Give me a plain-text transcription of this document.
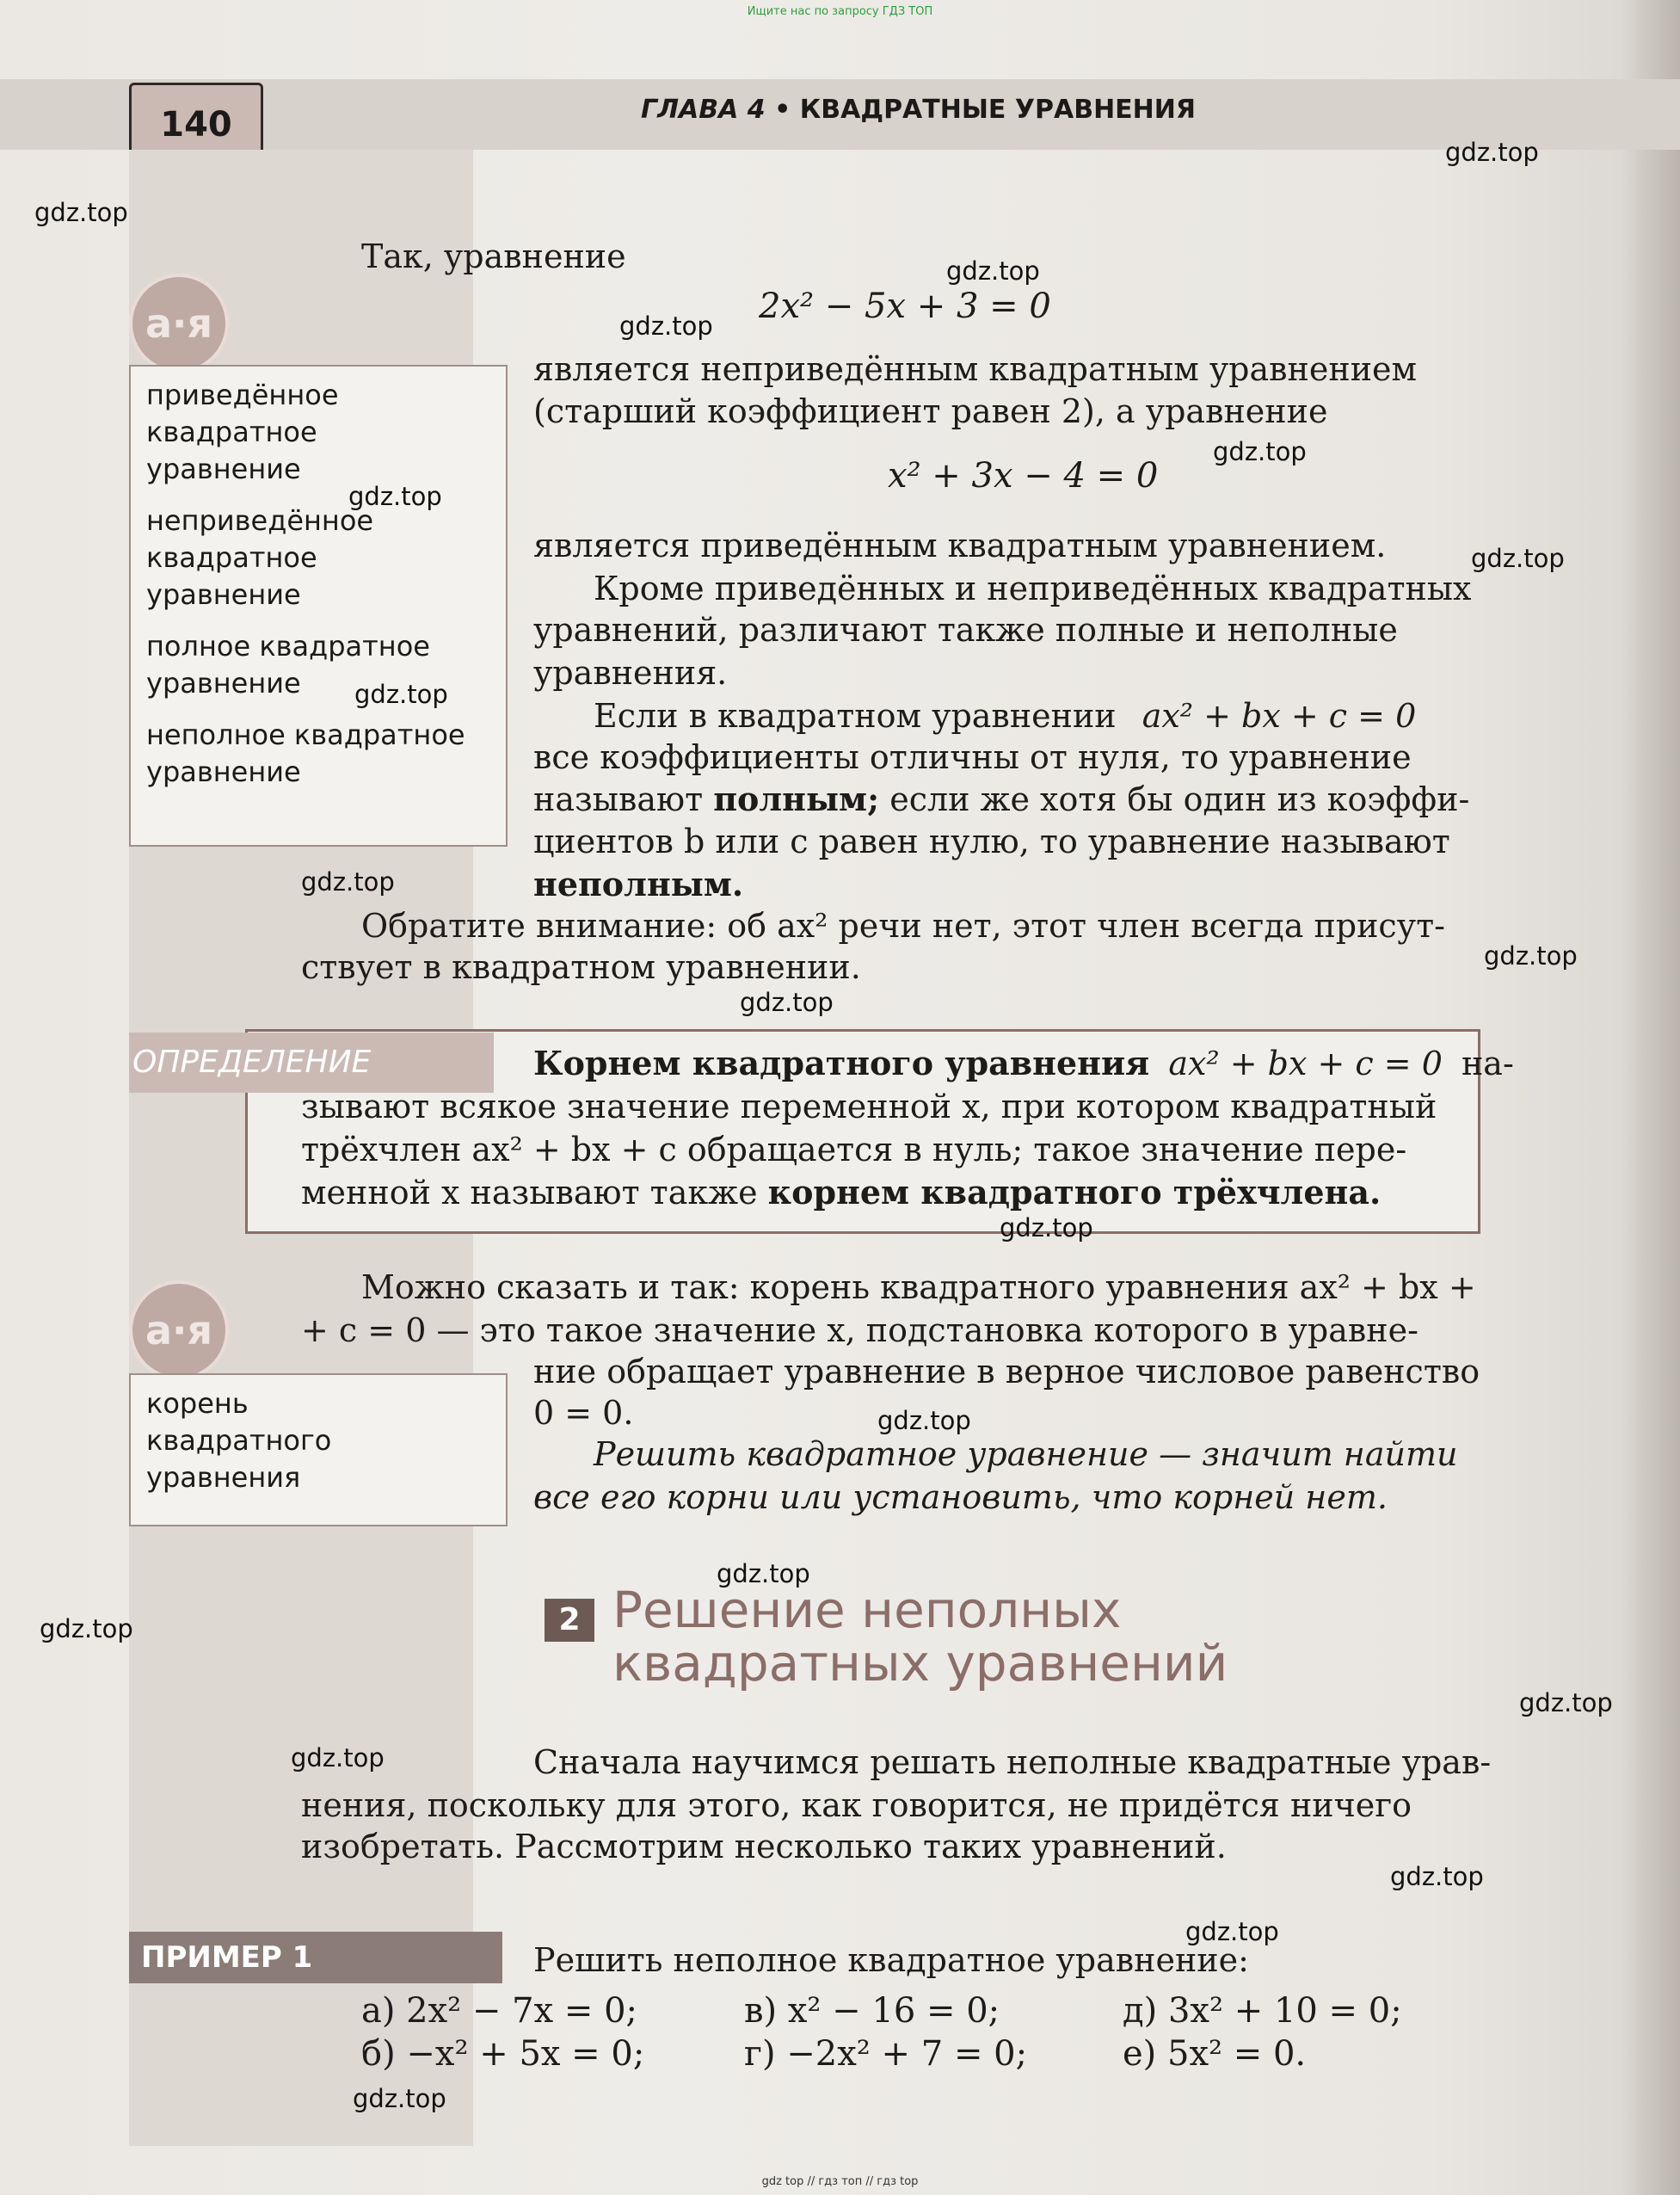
Ищите нас по запросу ГДЗ ТОП
140	ГЛАВА 4 • КВАДРАТНЫЕ УРАВНЕНИЯ
а·я
приведённое
квадратное
уравнение
неприведённое
квадратное
уравнение
полное квадратное
уравнение
неполное квадратное
уравнение
Так, уравнение
2x² − 5x + 3 = 0
является неприведённым квадратным уравнением
(старший коэффициент равен 2), а уравнение
x² + 3x − 4 = 0
является приведённым квадратным уравнением.
Кроме приведённых и неприведённых квадратных
уравнений, различают также полные и неполные
уравнения.
Если в квадратном уравнении ax² + bx + c = 0
все коэффициенты отличны от нуля, то уравнение
называют полным; если же хотя бы один из коэффи-
циентов b или c равен нулю, то уравнение называют
неполным.
Обратите внимание: об ax² речи нет, этот член всегда присут-
ствует в квадратном уравнении.
ОПРЕДЕЛЕНИЕ	Корнем квадратного уравнения ax² + bx + c = 0 на-
зывают всякое значение переменной x, при котором квадратный
трёхчлен ax² + bx + c обращается в нуль; такое значение пере-
менной x называют также корнем квадратного трёхчлена.
а·я
корень
квадратного
уравнения
Можно сказать и так: корень квадратного уравнения ax² + bx +
+ c = 0 — это такое значение x, подстановка которого в уравне-
ние обращает уравнение в верное числовое равенство
0 = 0.
Решить квадратное уравнение — значит найти
все его корни или установить, что корней нет.
2 Решение неполных квадратных уравнений
Сначала научимся решать неполные квадратные урав-
нения, поскольку для этого, как говорится, не придётся ничего
изобретать. Рассмотрим несколько таких уравнений.
ПРИМЕР 1	Решить неполное квадратное уравнение:
а) 2x² − 7x = 0;
б) −x² + 5x = 0;
в) x² − 16 = 0;
г) −2x² + 7 = 0;
д) 3x² + 10 = 0;
е) 5x² = 0.
gdz.top
gdz.top
gdz.top
gdz.top
gdz.top
gdz.top
gdz.top
gdz.top
gdz.top
gdz.top
gdz.top
gdz.top
gdz.top
gdz.top
gdz.top
gdz.top
gdz.top
gdz.top
gdz.top
gdz.top
gdz top // гдз топ // гдз top
